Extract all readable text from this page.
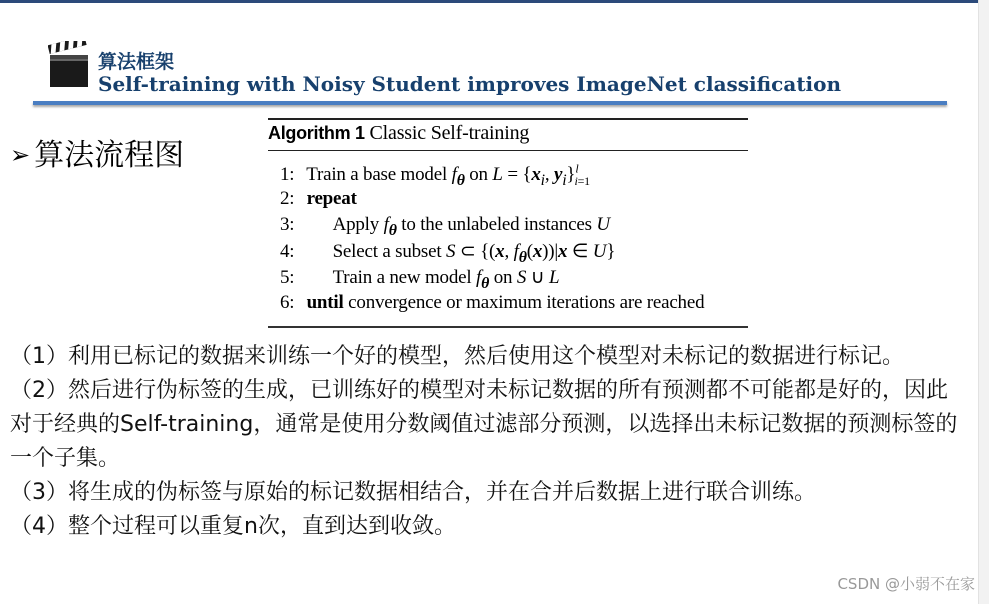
算法框架
Self-training with Noisy Student improves ImageNet classification
➢ 算法流程图
Algorithm 1 Classic Self-training
1: Train a base model $f_\theta$ on $L = \{x_i$, $y_i\}^l_{i=1}$
2: repeat
3: Apply $f_\theta$ to the unlabeled instances U
4: Select a subset S ⊂ {(x, $f_\theta(x))|x$ ∈ U}
5: Train a new model $f_\theta$ on S ∪ L
6: until convergence or maximum iterations are reached

（1）利用已标记的数据来训练一个好的模型，然后使用这个模型对未标记的数据进行标记。

（2）然后进行伪标签的生成，已训练好的模型对未标记数据的所有预测都不可能都是好的，因此对于经典的Self-training，通常是使用分数阈值过滤部分预测，以选择出未标记数据的预测标签的一个子集。

（3）将生成的伪标签与原始的标记数据相结合，并在合并后数据上进行联合训练。

（4）整个过程可以重复n次，直到达到收敛。

CSDN @小弱不在家
